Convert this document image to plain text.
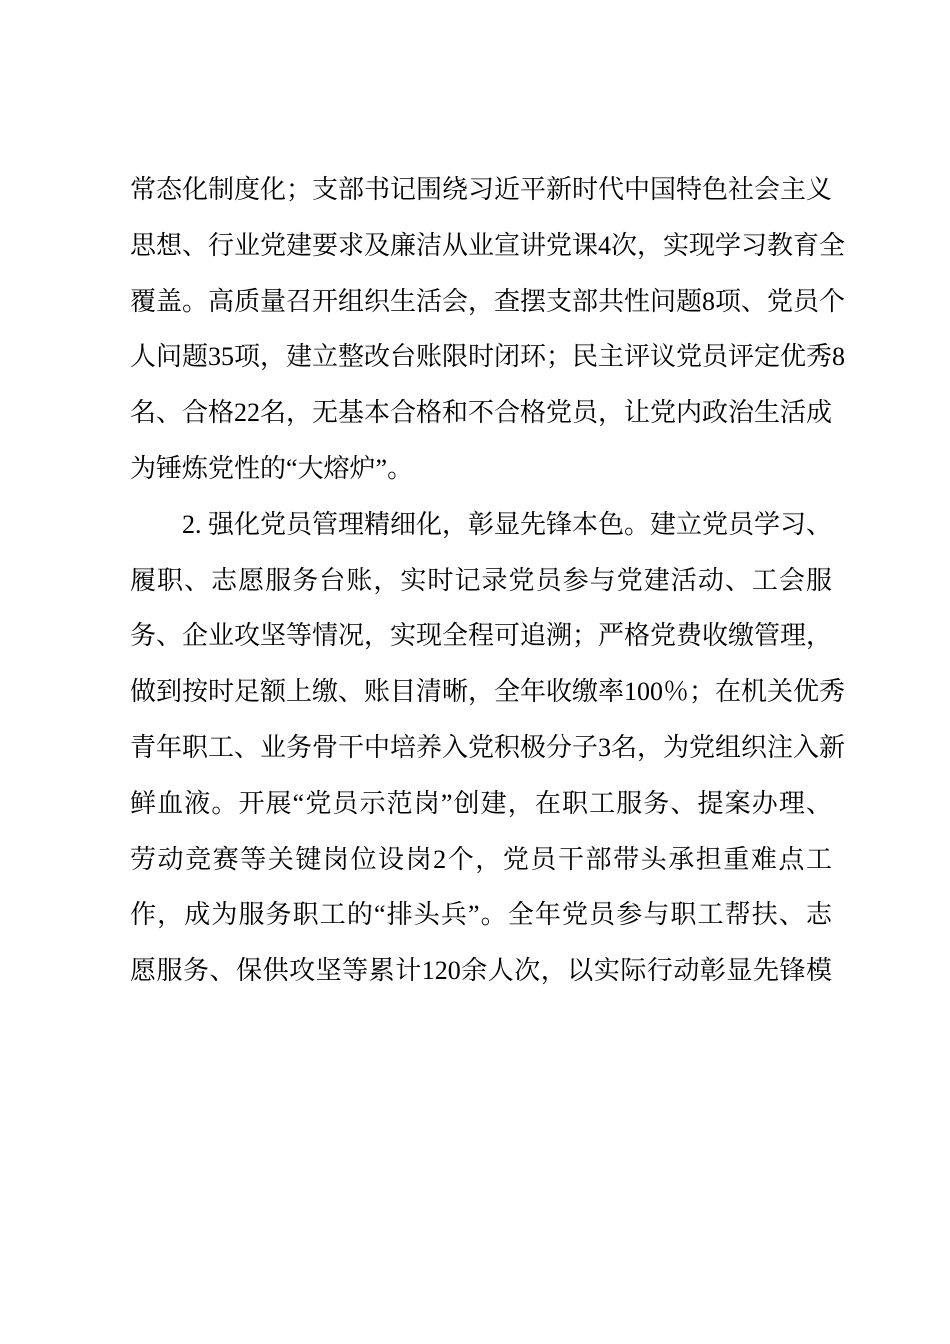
常态化制度化；支部书记围绕习近平新时代中国特色社会主义
思想、行业党建要求及廉洁从业宣讲党课4次，实现学习教育全
覆盖。高质量召开组织生活会，查摆支部共性问题8项、党员个
人问题35项，建立整改台账限时闭环；民主评议党员评定优秀8
名、合格22名，无基本合格和不合格党员，让党内政治生活成
为锤炼党性的“大熔炉”。
2. 强化党员管理精细化，彰显先锋本色。建立党员学习、
履职、志愿服务台账，实时记录党员参与党建活动、工会服
务、企业攻坚等情况，实现全程可追溯；严格党费收缴管理，
做到按时足额上缴、账目清晰，全年收缴率100％；在机关优秀
青年职工、业务骨干中培养入党积极分子3名，为党组织注入新
鲜血液。开展“党员示范岗”创建，在职工服务、提案办理、
劳动竞赛等关键岗位设岗2个，党员干部带头承担重难点工
作，成为服务职工的“排头兵”。全年党员参与职工帮扶、志
愿服务、保供攻坚等累计120余人次，以实际行动彰显先锋模
